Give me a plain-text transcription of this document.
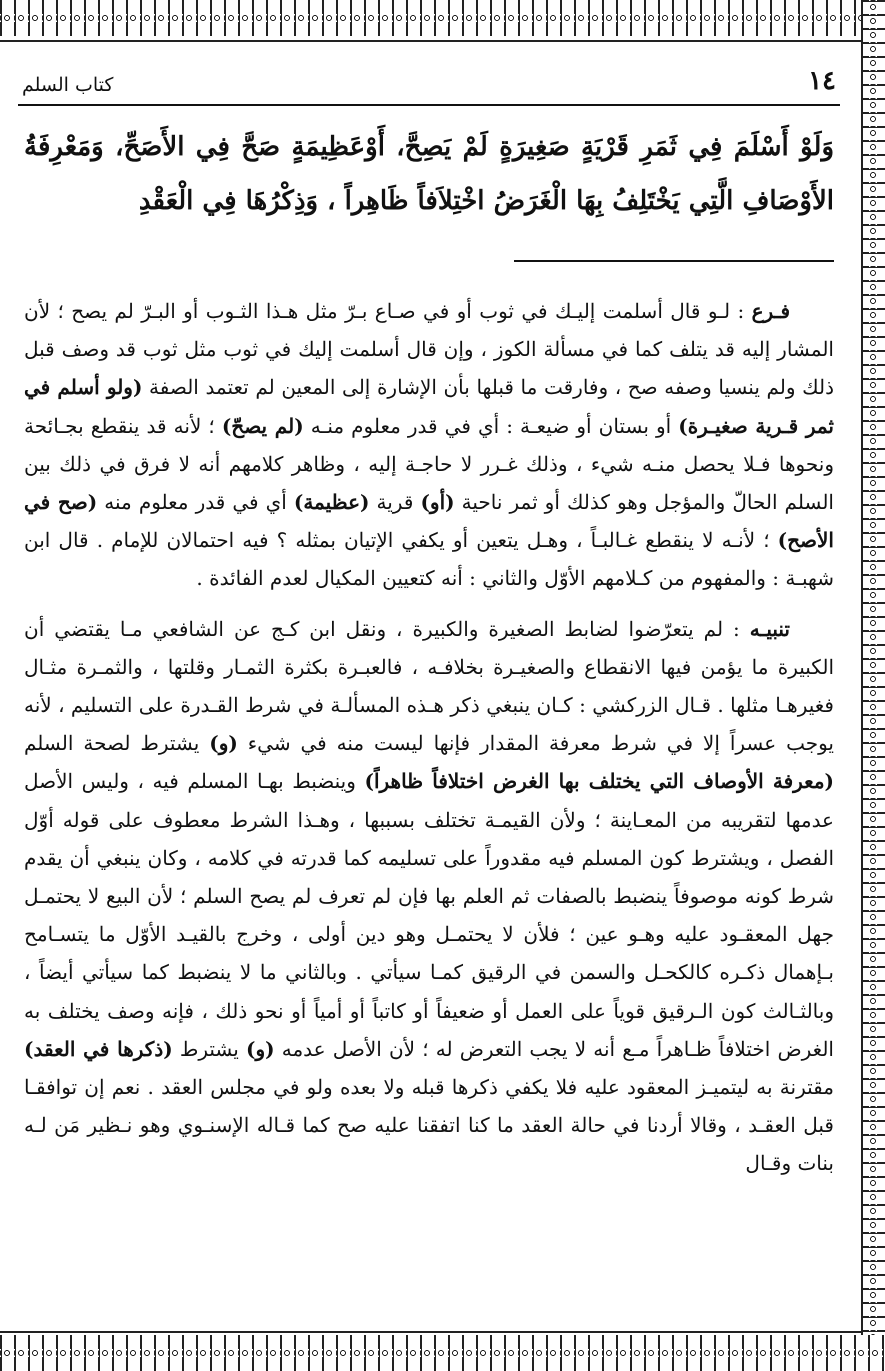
١٤
كتاب السلم
وَلَوْ أَسْلَمَ فِي ثَمَرِ قَرْيَةٍ صَغِيرَةٍ لَمْ يَصِحَّ، أَوْعَظِيمَةٍ صَحَّ فِي الأَصَحِّ، وَمَعْرِفَةُ الأَوْصَافِ الَّتِي يَخْتَلِفُ بِهَا الْغَرَضُ اخْتِلاَفاً ظَاهِراً ، وَذِكْرُهَا فِي الْعَقْدِ

فـرع : لـو قال أسلمت إليـك في ثوب أو في صـاع بـرّ مثل هـذا الثـوب أو البـرّ لم يصح ؛ لأن المشار إليه قد يتلف كما في مسألة الكوز ، وإن قال أسلمت إليك في ثوب مثل ثوب قد وصف قبل ذلك ولم ينسيا وصفه صح ، وفارقت ما قبلها بأن الإشارة إلى المعين لم تعتمد الصفة (ولو أسلم في ثمر قـرية صغيـرة) أو بستان أو ضيعـة : أي في قدر معلوم منـه (لم يصحّ) ؛ لأنه قد ينقطع بجـائحة ونحوها فـلا يحصل منـه شيء ، وذلك غـرر لا حاجـة إليه ، وظاهر كلامهم أنه لا فرق في ذلك بين السلم الحالّ والمؤجل وهو كذلك أو ثمر ناحية (أو) قرية (عظيمة) أي في قدر معلوم منه (صح في الأصح) ؛ لأنـه لا ينقطع غـالبـاً ، وهـل يتعين أو يكفي الإتيان بمثله ؟ فيه احتمالان للإمام . قال ابن شهبـة : والمفهوم من كـلامهم الأوّل والثاني : أنه كتعيين المكيال لعدم الفائدة .

تنبيـه : لم يتعرّضوا لضابط الصغيرة والكبيرة ، ونقل ابن كـج عن الشافعي مـا يقتضي أن الكبيرة ما يؤمن فيها الانقطاع والصغيـرة بخلافـه ، فالعبـرة بكثرة الثمـار وقلتها ، والثمـرة مثـال فغيرهـا مثلها . قـال الزركشي : كـان ينبغي ذكر هـذه المسألـة في شرط القـدرة على التسليم ، لأنه يوجب عسراً إلا في شرط معرفة المقدار فإنها ليست منه في شيء (و) يشترط لصحة السلم (معرفة الأوصاف التي يختلف بها الغرض اختلافاً ظاهراً) وينضبط بهـا المسلم فيه ، وليس الأصل عدمها لتقريبه من المعـاينة ؛ ولأن القيمـة تختلف بسببها ، وهـذا الشرط معطوف على قوله أوّل الفصل ، ويشترط كون المسلم فيه مقدوراً على تسليمه كما قدرته في كلامه ، وكان ينبغي أن يقدم شرط كونه موصوفاً ينضبط بالصفات ثم العلم بها فإن لم تعرف لم يصح السلم ؛ لأن البيع لا يحتمـل جهل المعقـود عليه وهـو عين ؛ فلأن لا يحتمـل وهو دين أولى ، وخرج بالقيـد الأوّل ما يتسـامح بـإهمال ذكـره كالكحـل والسمن في الرقيق كمـا سيأتي . وبالثاني ما لا ينضبط كما سيأتي أيضاً ، وبالثـالث كون الـرقيق قوياً على العمل أو ضعيفاً أو كاتباً أو أمياً أو نحو ذلك ، فإنه وصف يختلف به الغرض اختلافاً ظـاهراً مـع أنه لا يجب التعرض له ؛ لأن الأصل عدمه (و) يشترط (ذكرها في العقد) مقترنة به ليتميـز المعقود عليه فلا يكفي ذكرها قبله ولا بعده ولو في مجلس العقد . نعم إن توافقـا قبل العقـد ، وقالا أردنا في حالة العقد ما كنا اتفقنا عليه صح كما قـاله الإسنـوي وهو نـظير مَن لـه بنات وقـال
